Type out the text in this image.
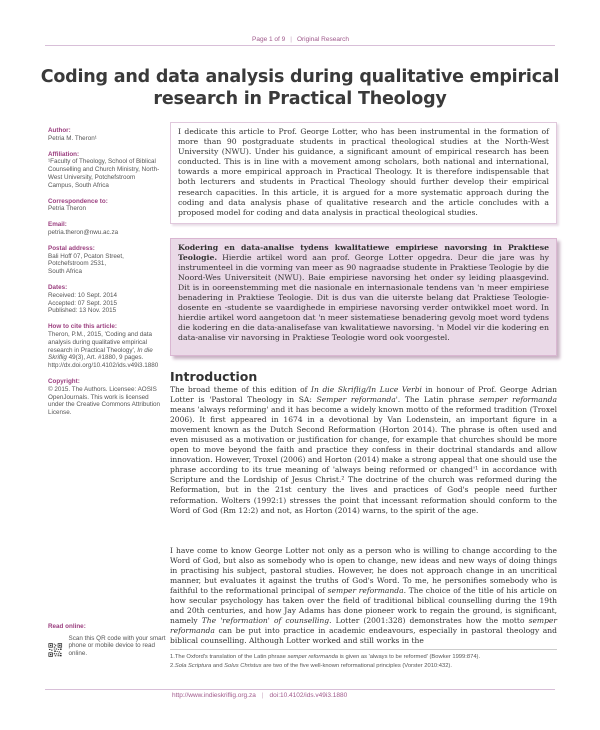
Page 1 of 9 | Original Research
Coding and data analysis during qualitative empirical
research in Practical Theology
Author:
Petria M. Theron¹
Affiliation:
¹Faculty of Theology, School of Biblical Counselling and Church Ministry, North-West University, Potchefstroom Campus, South Africa
Correspondence to:
Petria Theron
Email:
petria.theron@nwu.ac.za
Postal address:
Bali Hoff 07, Pcaton Street,
Potchefstroom 2531,
South Africa
Dates:
Received: 10 Sept. 2014
Accepted: 07 Sept. 2015
Published: 13 Nov. 2015
How to cite this article:
Theron, P.M., 2015, 'Coding and data analysis during qualitative empirical research in Practical Theology', In die Skriflig 49(3), Art. #1880, 9 pages. http://dx.doi.org/10.4102/ids.v49i3.1880
Copyright:
© 2015. The Authors. Licensee: AOSIS OpenJournals. This work is licensed under the Creative Commons Attribution License.
I dedicate this article to Prof. George Lotter, who has been instrumental in the formation of more than 90 postgraduate students in practical theological studies at the North-West University (NWU). Under his guidance, a significant amount of empirical research has been conducted. This is in line with a movement among scholars, both national and international, towards a more empirical approach in Practical Theology. It is therefore indispensable that both lecturers and students in Practical Theology should further develop their empirical research capacities. In this article, it is argued for a more systematic approach during the coding and data analysis phase of qualitative research and the article concludes with a proposed model for coding and data analysis in practical theological studies.
Kodering en data-analise tydens kwalitatiewe empiriese navorsing in Praktiese Teologie. Hierdie artikel word aan prof. George Lotter opgedra. Deur die jare was hy instrumenteel in die vorming van meer as 90 nagraadse studente in Praktiese Teologie by die Noord-Wes Universiteit (NWU). Baie empiriese navorsing het onder sy leiding plaasgevind. Dit is in ooreenstemming met die nasionale en internasionale tendens van 'n meer empiriese benadering in Praktiese Teologie. Dit is dus van die uiterste belang dat Praktiese Teologie-dosente en -studente se vaardighede in empiriese navorsing verder ontwikkel moet word. In hierdie artikel word aangetoon dat 'n meer sistematiese benadering gevolg moet word tydens die kodering en die data-analisefase van kwalitatiewe navorsing. 'n Model vir die kodering en data-analise vir navorsing in Praktiese Teologie word ook voorgestel.
Introduction
The broad theme of this edition of In die Skriflig/In Luce Verbi in honour of Prof. George Adrian Lotter is 'Pastoral Theology in SA: Semper reformanda'. The Latin phrase semper reformanda means 'always reforming' and it has become a widely known motto of the reformed tradition (Troxel 2006). It first appeared in 1674 in a devotional by Van Lodenstein, an important figure in a movement known as the Dutch Second Reformation (Horton 2014). The phrase is often used and even misused as a motivation or justification for change, for example that churches should be more open to move beyond the faith and practice they confess in their doctrinal standards and allow innovation. However, Troxel (2006) and Horton (2014) make a strong appeal that one should use the phrase according to its true meaning of 'always being reformed or changed'¹ in accordance with Scripture and the Lordship of Jesus Christ.² The doctrine of the church was reformed during the Reformation, but in the 21st century the lives and practices of God's people need further reformation. Wolters (1992:1) stresses the point that incessant reformation should conform to the Word of God (Rm 12:2) and not, as Horton (2014) warns, to the spirit of the age.
I have come to know George Lotter not only as a person who is willing to change according to the Word of God, but also as somebody who is open to change, new ideas and new ways of doing things in practising his subject, pastoral studies. However, he does not approach change in an uncritical manner, but evaluates it against the truths of God's Word. To me, he personifies somebody who is faithful to the reformational principal of semper reformanda. The choice of the title of his article on how secular psychology has taken over the field of traditional biblical counselling during the 19th and 20th centuries, and how Jay Adams has done pioneer work to regain the ground, is significant, namely The 'reformation' of counselling. Lotter (2001:328) demonstrates how the motto semper reformanda can be put into practice in academic endeavours, especially in pastoral theology and biblical counselling. Although Lotter worked and still works in the
1.The Oxford's translation of the Latin phrase semper reformanda is given as 'always to be reformed' (Bowker 1999:874).
2.Sola Scriptura and Solus Christus are two of the five well-known reformational principles (Vorster 2010:432).
Read online:
Scan this QR code with your smart phone or mobile device to read online.
http://www.indieskriflig.org.za | doi:10.4102/ids.v49i3.1880
